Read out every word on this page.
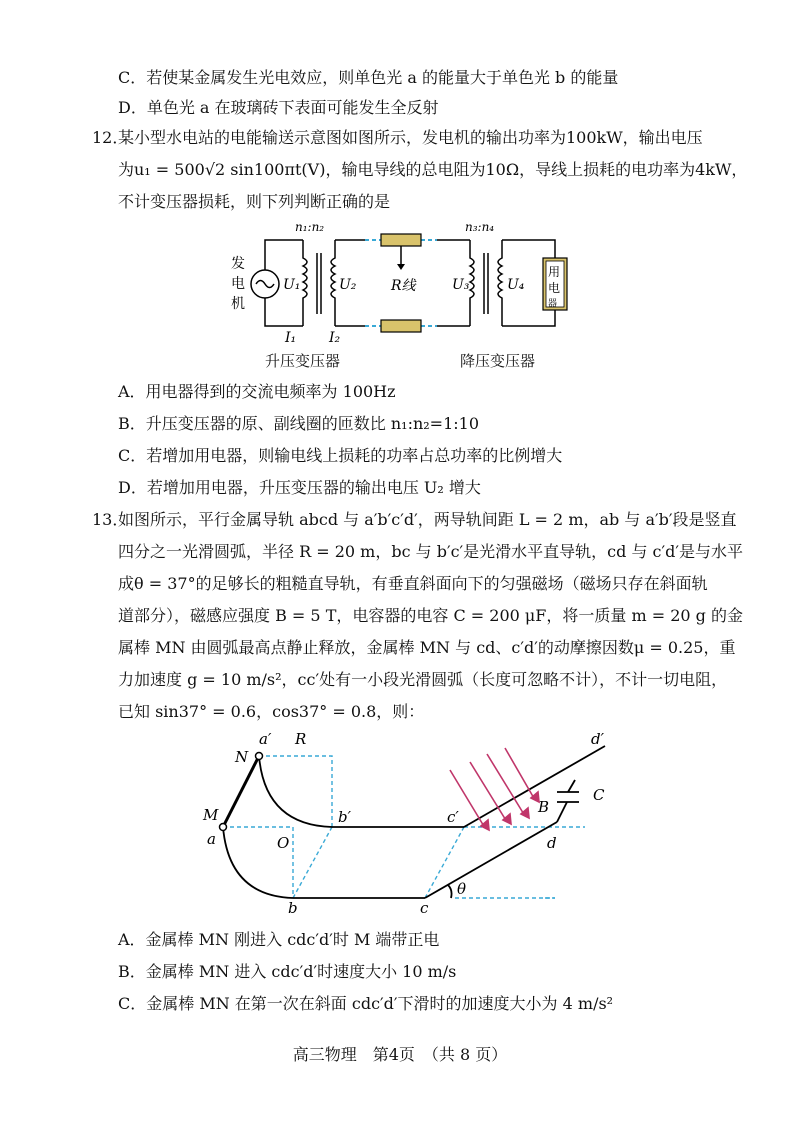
C．若使某金属发生光电效应，则单色光 a 的能量大于单色光 b 的能量
D．单色光 a 在玻璃砖下表面可能发生全反射
12．
某小型水电站的电能输送示意图如图所示，发电机的输出功率为100kW，输出电压
为u₁ = 500√2 sin100πt(V)，输电导线的总电阻为10Ω，导线上损耗的电功率为4kW，
不计变压器损耗，则下列判断正确的是
发
电
机
n₁:n₂	n₃:n₄
U₁	U₂	U₃	U₄
I₁ I₂
R线
用
电
器
升压变压器	降压变压器
A．用电器得到的交流电频率为 100Hz
B．升压变压器的原、副线圈的匝数比 n₁:n₂=1:10
C．若增加用电器，则输电线上损耗的功率占总功率的比例增大
D．若增加用电器，升压变压器的输出电压 U₂ 增大
13．
如图所示，平行金属导轨 abcd 与 a′b′c′d′，两导轨间距 L = 2 m，ab 与 a′b′段是竖直
四分之一光滑圆弧，半径 R = 20 m，bc 与 b′c′是光滑水平直导轨，cd 与 c′d′是与水平
成θ = 37°的足够长的粗糙直导轨，有垂直斜面向下的匀强磁场（磁场只存在斜面轨
道部分），磁感应强度 B = 5 T，电容器的电容 C = 200 μF，将一质量 m = 20 g 的金
属棒 MN 由圆弧最高点静止释放，金属棒 MN 与 cd、c′d′的动摩擦因数μ = 0.25，重
力加速度 g = 10 m/s²，cc′处有一小段光滑圆弧（长度可忽略不计），不计一切电阻，
已知 sin37° = 0.6，cos37° = 0.8，则：
a′ R
N
M
a	O
b
b′
c
c′
d
d′
B
C
θ
A．金属棒 MN 刚进入 cdc′d′时 M 端带正电
B．金属棒 MN 进入 cdc′d′时速度大小 10 m/s
C．金属棒 MN 在第一次在斜面 cdc′d′下滑时的加速度大小为 4 m/s²
高三物理　第4页　（共 8 页）
